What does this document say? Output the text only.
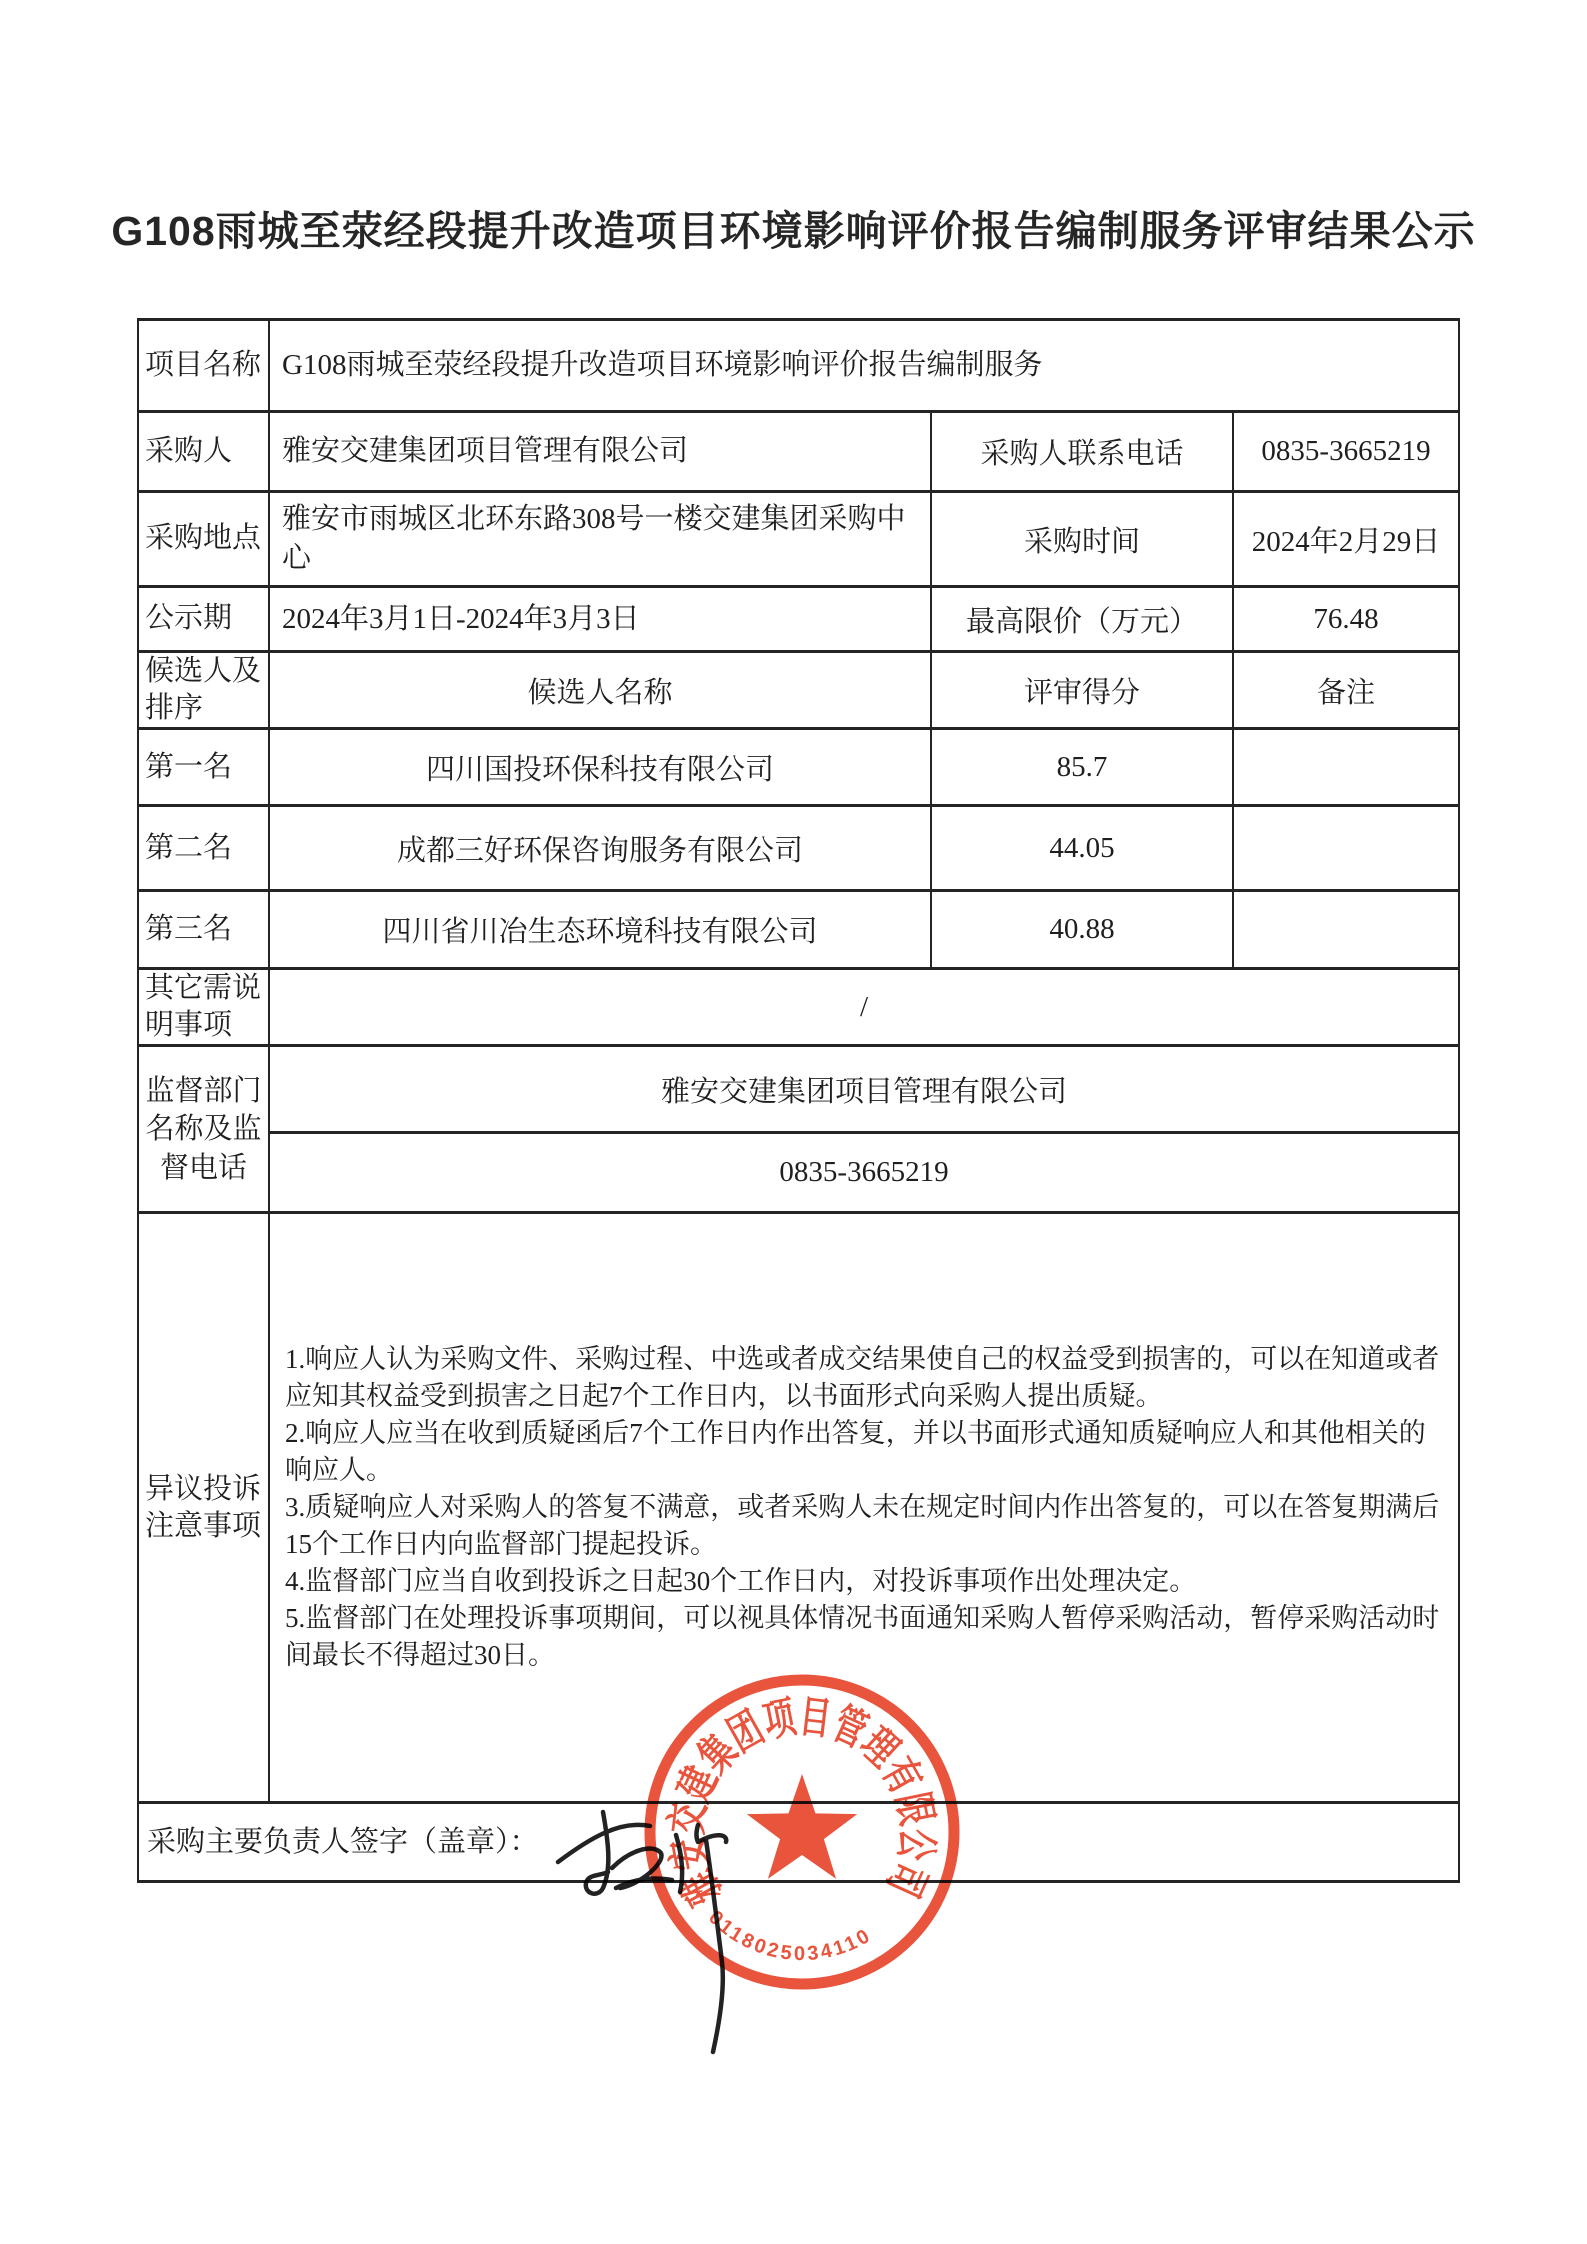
G108雨城至荥经段提升改造项目环境影响评价报告编制服务评审结果公示
项目名称	G108雨城至荥经段提升改造项目环境影响评价报告编制服务		
采购人	雅安交建集团项目管理有限公司	采购人联系电话	0835-3665219
采购地点	雅安市雨城区北环东路308号一楼交建集团采购中心	采购时间	2024年2月29日
公示期	2024年3月1日-2024年3月3日	最高限价（万元）	76.48
候选人及排序	候选人名称	评审得分	备注
第一名	四川国投环保科技有限公司	85.7	
第二名	成都三好环保咨询服务有限公司	44.05	
第三名	四川省川冶生态环境科技有限公司	40.88	
其它需说明事项	/		
监督部门名称及监督电话	雅安交建集团项目管理有限公司		
	0835-3665219		
异议投诉注意事项	1.响应人认为采购文件、采购过程、中选或者成交结果使自己的权益受到损害的，可以在知道或者应知其权益受到损害之日起7个工作日内，以书面形式向采购人提出质疑。

2.响应人应当在收到质疑函后7个工作日内作出答复，并以书面形式通知质疑响应人和其他相关的响应人。

3.质疑响应人对采购人的答复不满意，或者采购人未在规定时间内作出答复的，可以在答复期满后15个工作日内向监督部门提起投诉。

4.监督部门应当自收到投诉之日起30个工作日内，对投诉事项作出处理决定。

5.监督部门在处理投诉事项期间，可以视具体情况书面通知采购人暂停采购活动，暂停采购活动时间最长不得超过30日。		

采购主要负责人签字（盖章）：			
雅安交建集团项目管理有限公司
0118025034110
